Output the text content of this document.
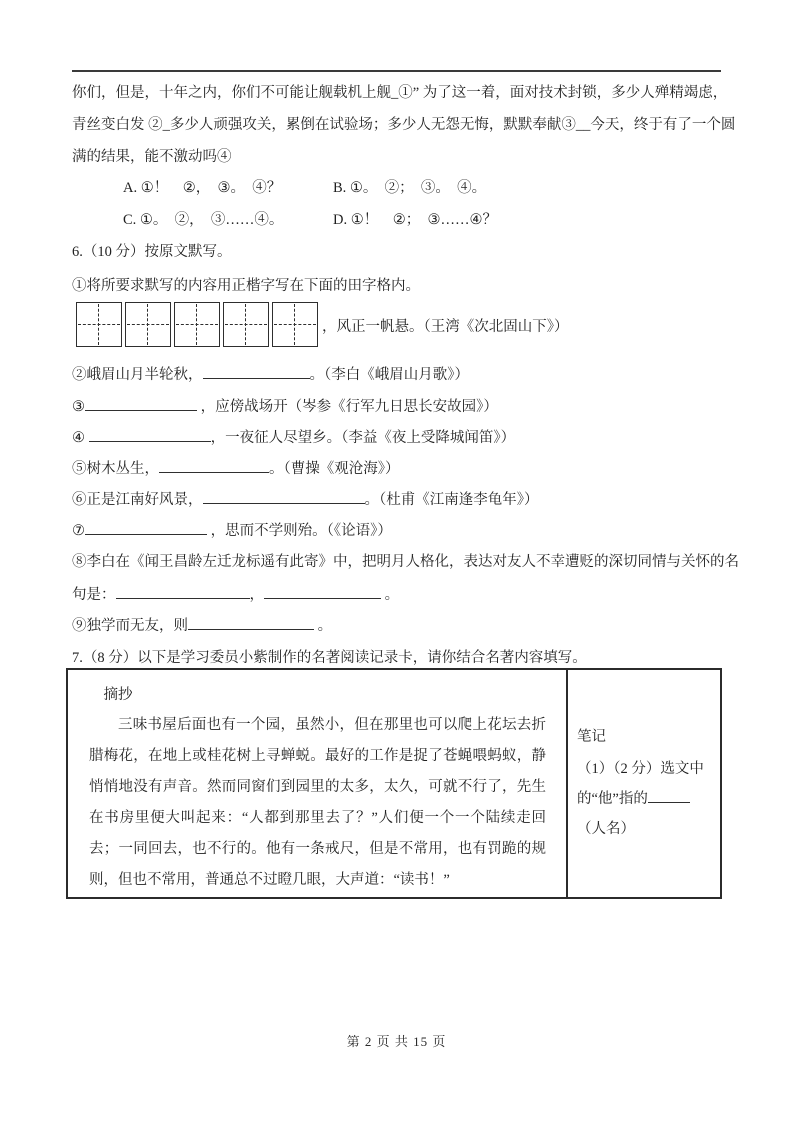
你们，但是，十年之内，你们不可能让舰载机上舰_①” 为了这一着，面对技术封锁，多少人殚精竭虑，
青丝变白发 ②_多少人顽强攻关，累倒在试验场；多少人无怨无悔，默默奉献③__今天，终于有了一个圆
满的结果，能不激动吗④
A. ①！　②，　③。　④？	B. ①。　②；　③。　④。
C. ①。　②，　③……④。	D. ①！　②；　③……④？
6.（10 分）按原文默写。
①将所要求默写的内容用正楷字写在下面的田字格内。
，风正一帆悬。（王湾《次北固山下》）
②峨眉山月半轮秋，	。（李白《峨眉山月歌》）
③	，应傍战场开（岑参《行军九日思长安故园》）
④	，一夜征人尽望乡。（李益《夜上受降城闻笛》）
⑤树木丛生，	。（曹操《观沧海》）
⑥正是江南好风景，	。（杜甫《江南逢李龟年》）
⑦	，思而不学则殆。（《论语》）
⑧李白在《闻王昌龄左迁龙标遥有此寄》中，把明月人格化，表达对友人不幸遭贬的深切同情与关怀的名
句是：	，	。
⑨独学而无友，则	。
7.（8 分）以下是学习委员小紫制作的名著阅读记录卡，请你结合名著内容填写。
摘抄

三味书屋后面也有一个园，虽然小，但在那里也可以爬上花坛去折腊梅花，在地上或桂花树上寻蝉蜕。最好的工作是捉了苍蝇喂蚂蚁，静悄悄地没有声音。然而同窗们到园里的太多，太久，可就不行了，先生在书房里便大叫起来：“人都到那里去了？”人们便一个一个陆续走回去；一同回去，也不行的。他有一条戒尺，但是不常用，也有罚跪的规则，但也不常用，普通总不过瞪几眼，大声道：“读书！”

笔记
（1）（2 分）选文中的“他”指的（人名）
第 2 页 共 15 页
